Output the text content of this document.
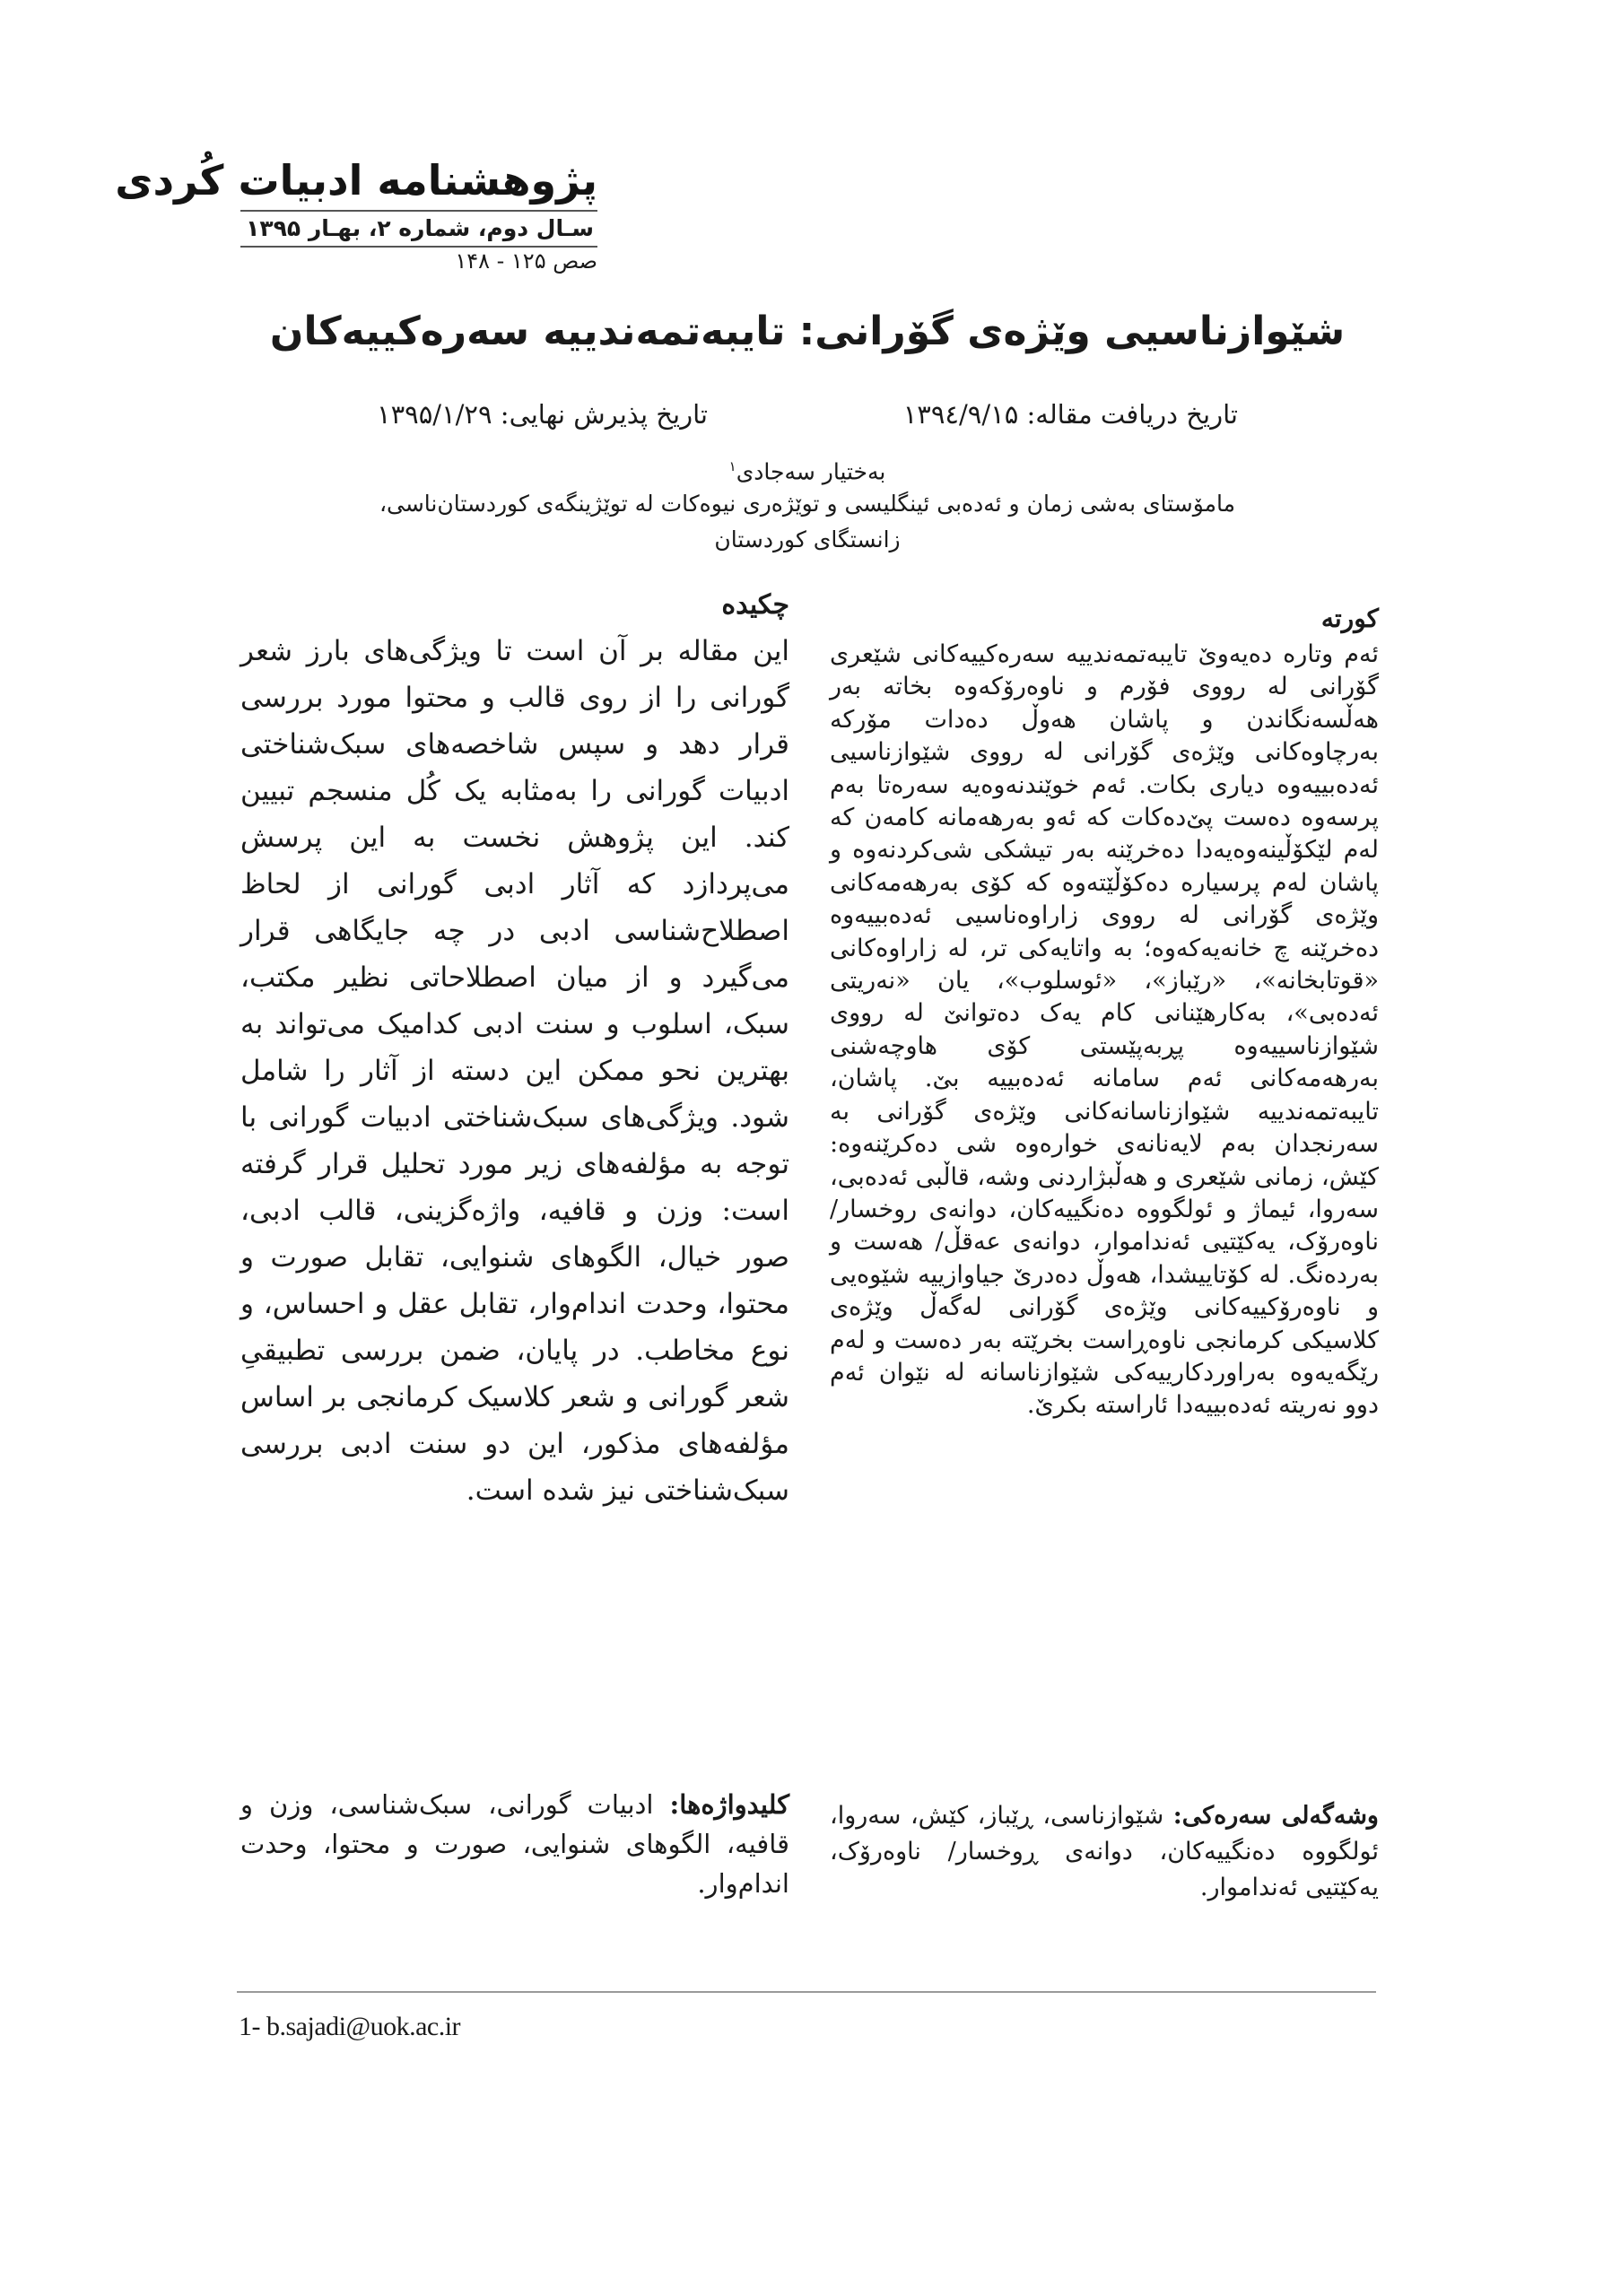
پژوهشنامه ادبیات کُردی
سـال دوم، شماره ۲، بهـار ۱۳۹۵
صص ۱۲۵ - ۱۴۸
شێوازناسیی وێژەی گۆرانی: تایبەتمەندییە سەرەکییەکان
تاریخ دریافت مقاله: ۱۳۹٤/۹/۱۵
تاریخ پذیرش نهایی: ۱۳۹۵/۱/۲۹
بەختیار سەجادی$^۱$
مامۆستای بەشی زمان و ئەدەبی ئینگلیسی و توێژەری نیوەکات لە توێژینگەی کوردستان‌ناسی،
زانستگای کوردستان
کورتە
ئەم وتارە دەیەوێ تایبەتمەندییە سەرەکییەکانی شێعری گۆرانی لە رووی فۆرم و ناوەرۆکەوە بخاتە بەر هەڵسەنگاندن و پاشان هەوڵ دەدات مۆرکە بەرچاوەکانی وێژەی گۆرانی لە رووی شێوازناسیی ئەدەبییەوە دیاری بکات. ئەم خوێندنەوەیە سەرەتا بەم پرسەوە دەست پێ‌دەکات کە ئەو بەرهەمانە کامەن کە لەم لێکۆڵینەوەیەدا دەخرێنە بەر تیشکی شی‌کردنەوە و پاشان لەم پرسیارە دەکۆڵێتەوە کە کۆی بەرهەمەکانی وێژەی گۆرانی لە رووی زاراوەناسیی ئەدەبییەوە دەخرێنە چ خانەیەکەوە؛ بە واتایەکی تر، لە زاراوەکانی «قوتابخانە»، «رێباز»، «ئوسلوب»، یان «نەریتی ئەدەبی»، بەکارهێنانی کام یەک دەتوانێ لە رووی شێوازناسییەوە پڕبەپێستی کۆی هاوچەشنی بەرهەمەکانی ئەم سامانە ئەدەبییە بێ. پاشان، تایبەتمەندییە شێوازناسانەکانی وێژەی گۆرانی بە سەرنجدان بەم لایەنانەی خوارەوە شی دەکرێنەوە: کێش، زمانی شێعری و هەڵبژاردنی وشە، قاڵبی ئەدەبی، سەروا، ئیماژ و ئولگووە دەنگییەکان، دوانەی روخسار/ ناوەرۆک، یەکێتیی ئەنداموار، دوانەی عەقڵ/ هەست و بەردەنگ. لە کۆتاییشدا، هەوڵ دەدرێ جیاوازییە شێوەیی و ناوەرۆکییەکانی وێژەی گۆرانی لەگەڵ وێژەی کلاسیکی کرمانجی ناوەڕاست بخرێتە بەر دەست و لەم رێگەیەوە بەراوردکارییەکی شێوازناسانە لە نێوان ئەم دوو نەریتە ئەدەبییەدا ئاراستە بکرێ.
وشەگەلی سەرەکی: شێوازناسی، ڕێباز، کێش، سەروا، ئولگووە دەنگییەکان، دوانەی ڕوخسار/ ناوەرۆک، یەکێتیی ئەنداموار.
چکیده
این مقاله بر آن است تا ویژگی‌های بارز شعر گورانی را از روی قالب و محتوا مورد بررسی قرار دهد و سپس شاخصه‌های سبک‌شناختی ادبیات گورانی را به‌مثابه یک کُل منسجم تبیین کند. این پژوهش نخست به این پرسش می‌پردازد که آثار ادبی گورانی از لحاظ اصطلاح‌شناسی ادبی در چه جایگاهی قرار می‌گیرد و از میان اصطلاحاتی نظیر مکتب، سبک، اسلوب و سنت ادبی کدامیک می‌تواند به بهترین نحو ممکن این دسته از آثار را شامل شود. ویژگی‌های سبک‌شناختی ادبیات گورانی با توجه به مؤلفه‌های زیر مورد تحلیل قرار گرفته است: وزن و قافیه، واژه‌گزینی، قالب ادبی، صور خیال، الگوهای شنوایی، تقابل صورت و محتوا، وحدت اندام‌وار، تقابل عقل و احساس، و نوع مخاطب. در پایان، ضمن بررسی تطبیقیِ شعر گورانی و شعر کلاسیک کرمانجی بر اساس مؤلفه‌های مذکور، این دو سنت ادبی بررسی سبک‌شناختی نیز شده است.
کلیدواژه‌ها: ادبیات گورانی، سبک‌شناسی، وزن و قافیه، الگوهای شنوایی، صورت و محتوا، وحدت اندام‌وار.
1- b.sajadi@uok.ac.ir
